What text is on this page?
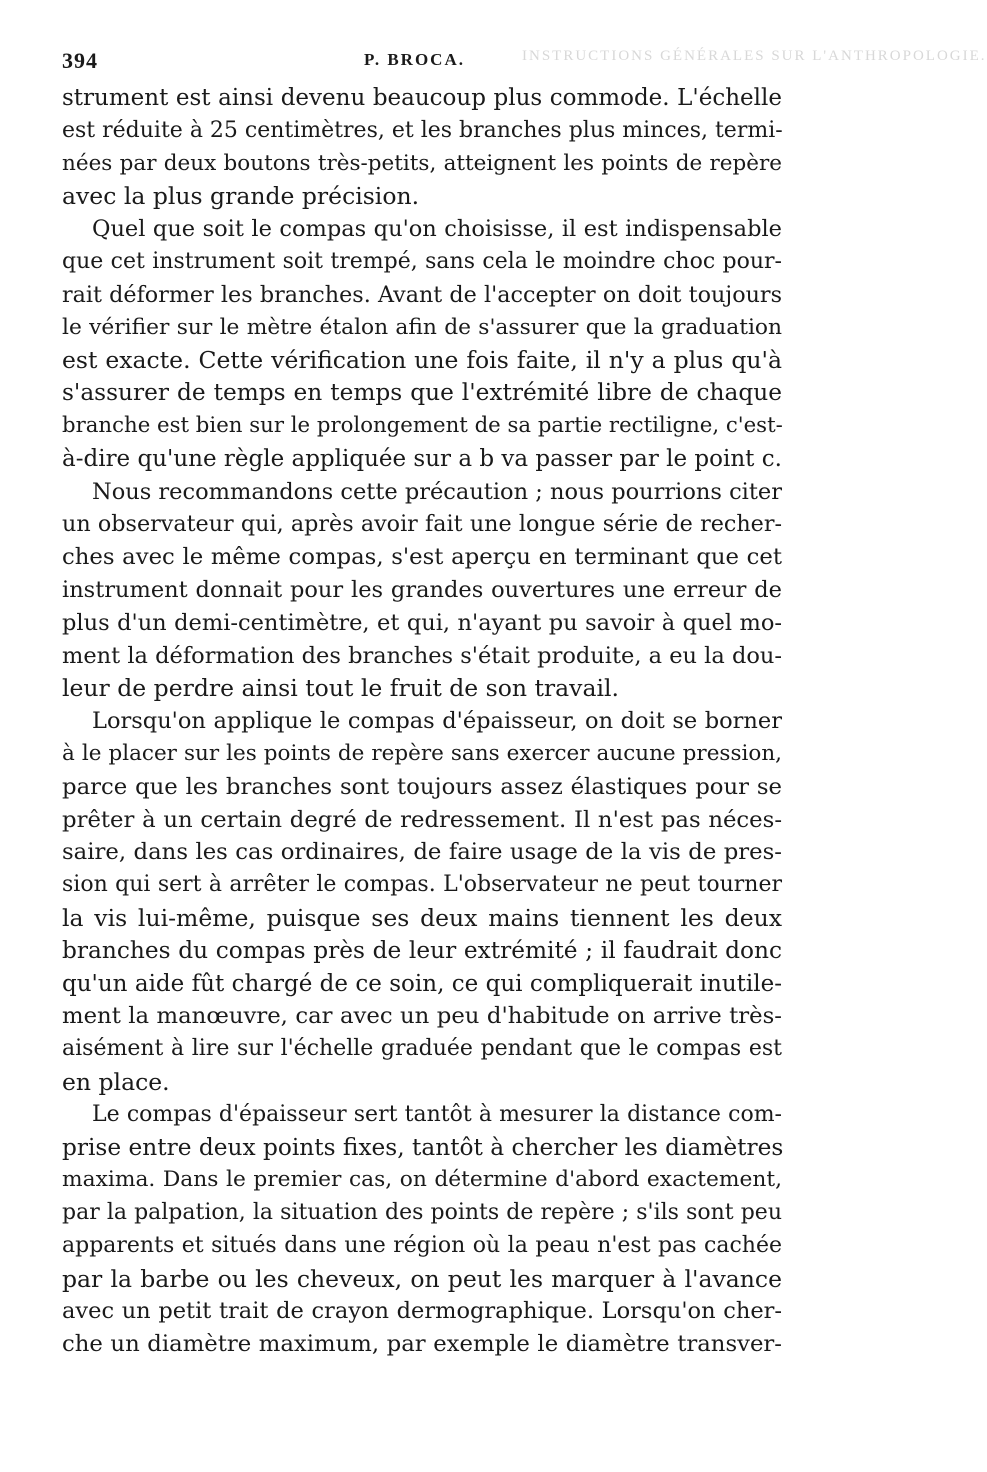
394	P. BROCA.	INSTRUCTIONS GÉNÉRALES SUR L'ANTHROPOLOGIE.
strument est ainsi devenu beaucoup plus commode. L'échelle
est réduite à 25 centimètres, et les branches plus minces, termi-
nées par deux boutons très-petits, atteignent les points de repère
avec la plus grande précision.
Quel que soit le compas qu'on choisisse, il est indispensable
que cet instrument soit trempé, sans cela le moindre choc pour-
rait déformer les branches. Avant de l'accepter on doit toujours
le vérifier sur le mètre étalon afin de s'assurer que la graduation
est exacte. Cette vérification une fois faite, il n'y a plus qu'à
s'assurer de temps en temps que l'extrémité libre de chaque
branche est bien sur le prolongement de sa partie rectiligne, c'est-
à-dire qu'une règle appliquée sur a b va passer par le point c.
Nous recommandons cette précaution ; nous pourrions citer
un observateur qui, après avoir fait une longue série de recher-
ches avec le même compas, s'est aperçu en terminant que cet
instrument donnait pour les grandes ouvertures une erreur de
plus d'un demi-centimètre, et qui, n'ayant pu savoir à quel mo-
ment la déformation des branches s'était produite, a eu la dou-
leur de perdre ainsi tout le fruit de son travail.
Lorsqu'on applique le compas d'épaisseur, on doit se borner
à le placer sur les points de repère sans exercer aucune pression,
parce que les branches sont toujours assez élastiques pour se
prêter à un certain degré de redressement. Il n'est pas néces-
saire, dans les cas ordinaires, de faire usage de la vis de pres-
sion qui sert à arrêter le compas. L'observateur ne peut tourner
la vis lui-même, puisque ses deux mains tiennent les deux
branches du compas près de leur extrémité ; il faudrait donc
qu'un aide fût chargé de ce soin, ce qui compliquerait inutile-
ment la manœuvre, car avec un peu d'habitude on arrive très-
aisément à lire sur l'échelle graduée pendant que le compas est
en place.
Le compas d'épaisseur sert tantôt à mesurer la distance com-
prise entre deux points fixes, tantôt à chercher les diamètres
maxima. Dans le premier cas, on détermine d'abord exactement,
par la palpation, la situation des points de repère ; s'ils sont peu
apparents et situés dans une région où la peau n'est pas cachée
par la barbe ou les cheveux, on peut les marquer à l'avance
avec un petit trait de crayon dermographique. Lorsqu'on cher-
che un diamètre maximum, par exemple le diamètre transver-
